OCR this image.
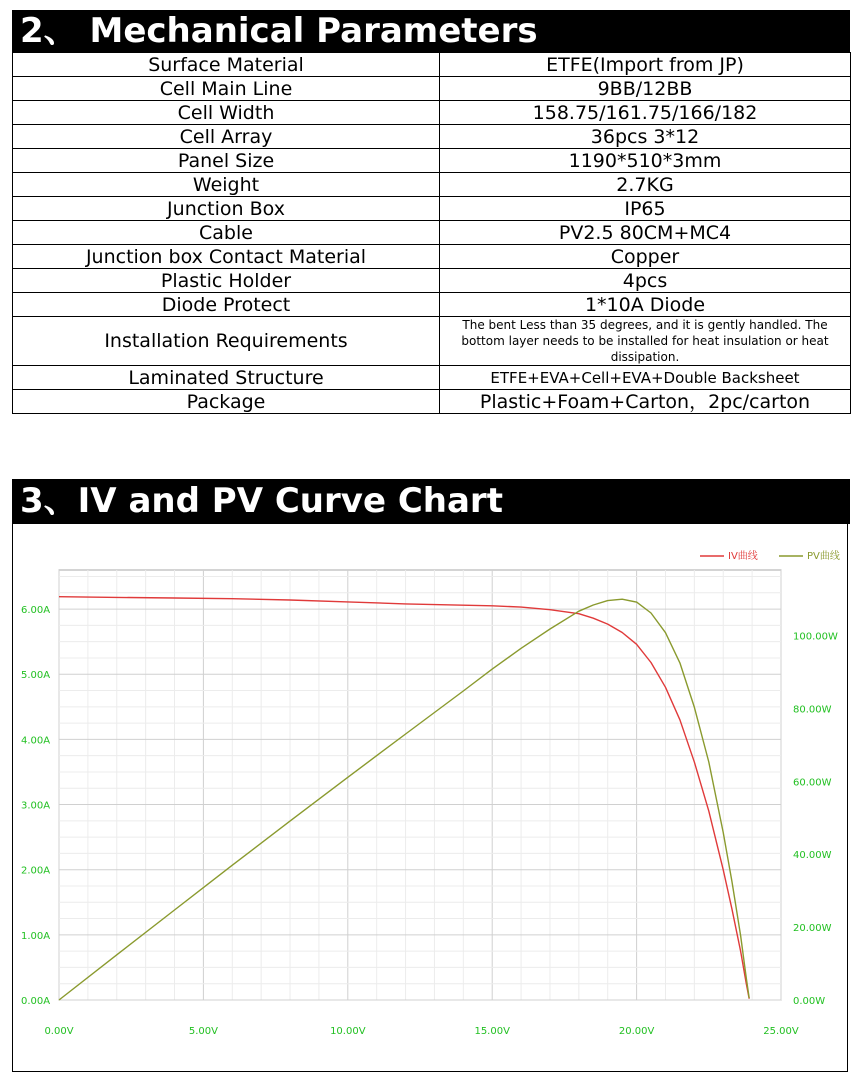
2、 Mechanical Parameters
Surface Material	ETFE(Import from JP)
Cell Main Line	9BB/12BB
Cell Width	158.75/161.75/166/182
Cell Array	36pcs 3*12
Panel Size	1190*510*3mm
Weight	2.7KG
Junction Box	IP65
Cable	PV2.5 80CM+MC4
Junction box Contact Material	Copper
Plastic Holder	4pcs
Diode Protect	1*10A Diode
Installation Requirements	The bent Less than 35 degrees, and it is gently handled. The bottom layer needs to be installed for heat insulation or heat dissipation.
Laminated Structure	ETFE+EVA+Cell+EVA+Double Backsheet
Package	Plastic+Foam+Carton，2pc/carton
3、IV and PV Curve Chart
0.00V	5.00V	10.00V	15.00V	20.00V	25.00V
0.00A
1.00A
2.00A
3.00A
4.00A
5.00A
6.00A
0.00W
20.00W
40.00W
60.00W
80.00W
100.00W
IV曲线	PV曲线
